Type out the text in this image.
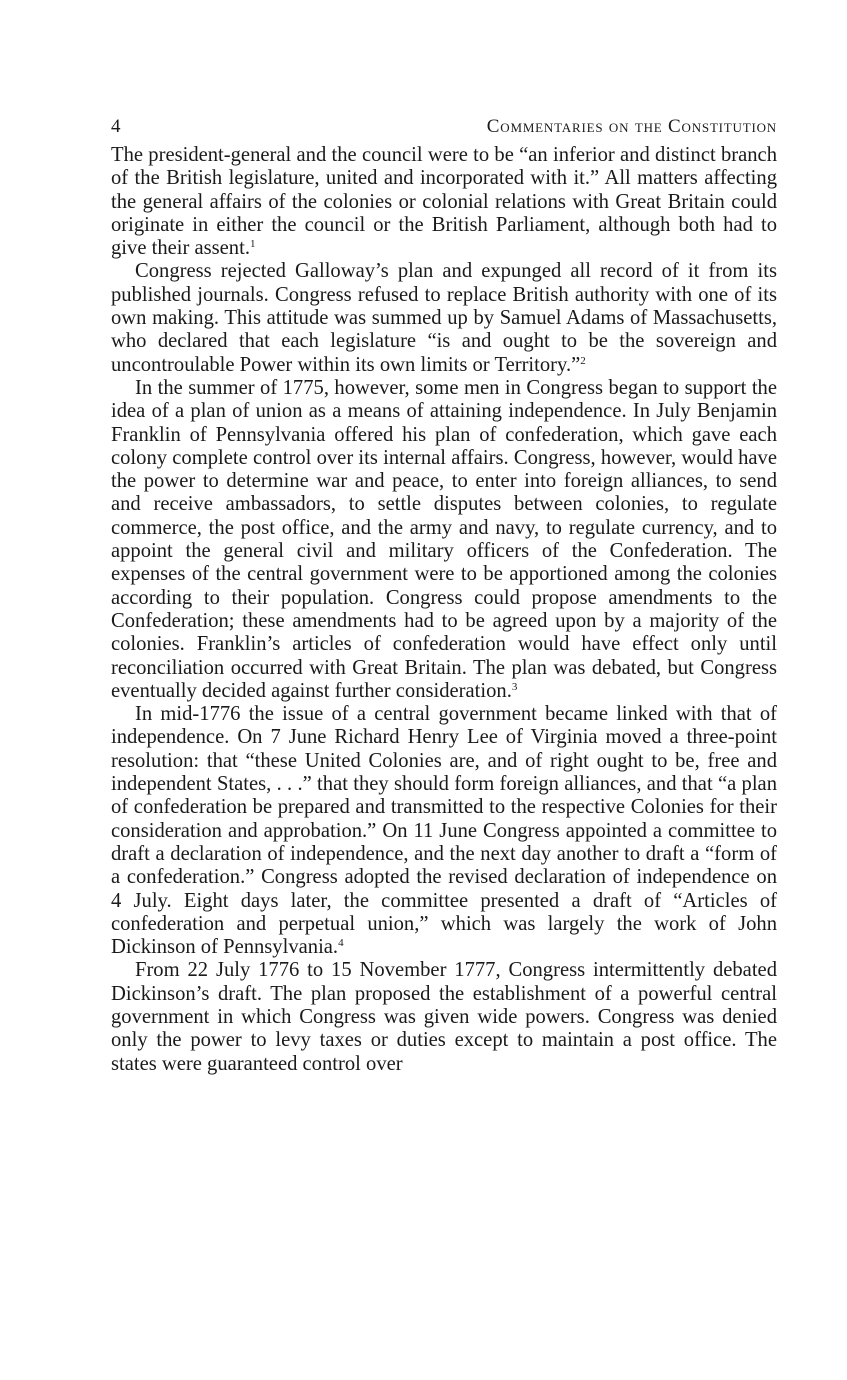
4	Commentaries on the Constitution

The president-general and the council were to be “an inferior and distinct branch of the British legislature, united and incorporated with it.” All matters affecting the general affairs of the colonies or colonial relations with Great Britain could originate in either the council or the British Parliament, although both had to give their assent.$^1$

Congress rejected Galloway’s plan and expunged all record of it from its published journals. Congress refused to replace British authority with one of its own making. This attitude was summed up by Samuel Adams of Massachusetts, who declared that each legislature “is and ought to be the sovereign and uncontroulable Power within its own limits or Territory.”$^2$

In the summer of 1775, however, some men in Congress began to support the idea of a plan of union as a means of attaining independence. In July Benjamin Franklin of Pennsylvania offered his plan of confederation, which gave each colony complete control over its internal affairs. Congress, however, would have the power to determine war and peace, to enter into foreign alliances, to send and receive ambassadors, to settle disputes between colonies, to regulate commerce, the post office, and the army and navy, to regulate currency, and to appoint the general civil and military officers of the Confederation. The expenses of the central government were to be apportioned among the colonies according to their population. Congress could propose amendments to the Confederation; these amendments had to be agreed upon by a majority of the colonies. Franklin’s articles of confederation would have effect only until reconciliation occurred with Great Britain. The plan was debated, but Congress eventually decided against further consideration.$^3$

In mid-1776 the issue of a central government became linked with that of independence. On 7 June Richard Henry Lee of Virginia moved a three-point resolution: that “these United Colonies are, and of right ought to be, free and independent States, . . .” that they should form foreign alliances, and that “a plan of confederation be prepared and transmitted to the respective Colonies for their consideration and approbation.” On 11 June Congress appointed a committee to draft a declaration of independence, and the next day another to draft a “form of a confederation.” Congress adopted the revised declaration of independence on 4 July. Eight days later, the committee presented a draft of “Articles of confederation and perpetual union,” which was largely the work of John Dickinson of Pennsylvania.$^4$

From 22 July 1776 to 15 November 1777, Congress intermittently debated Dickinson’s draft. The plan proposed the establishment of a powerful central government in which Congress was given wide powers. Congress was denied only the power to levy taxes or duties except to maintain a post office. The states were guaranteed control over
